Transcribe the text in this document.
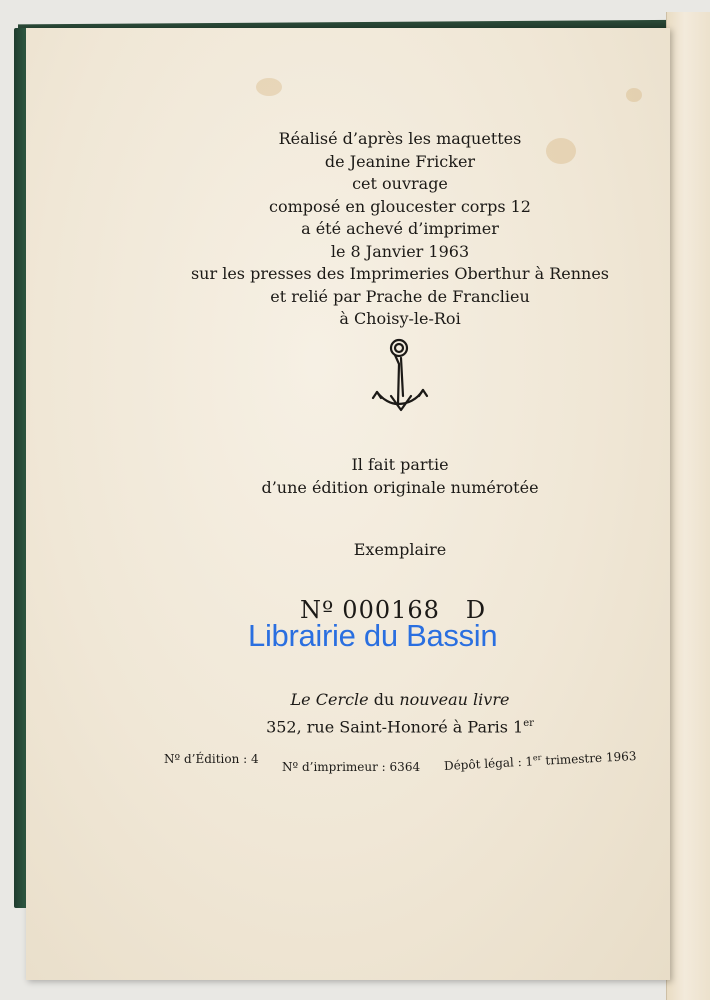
Réalisé d’après les maquettes
de Jeanine Fricker
cet ouvrage
composé en gloucester corps 12
a été achevé d’imprimer
le 8 Janvier 1963
sur les presses des Imprimeries Oberthur à Rennes
et relié par Prache de Franclieu
à Choisy-le-Roi
Il fait partie
d’une édition originale numérotée
Exemplaire
Nº 000168 D
Librairie du Bassin
Le Cercle du nouveau livre
352, rue Saint-Honoré à Paris 1er
Nº d’Édition : 4
Nº d’imprimeur : 6364 Dépôt légal : 1er trimestre 1963
